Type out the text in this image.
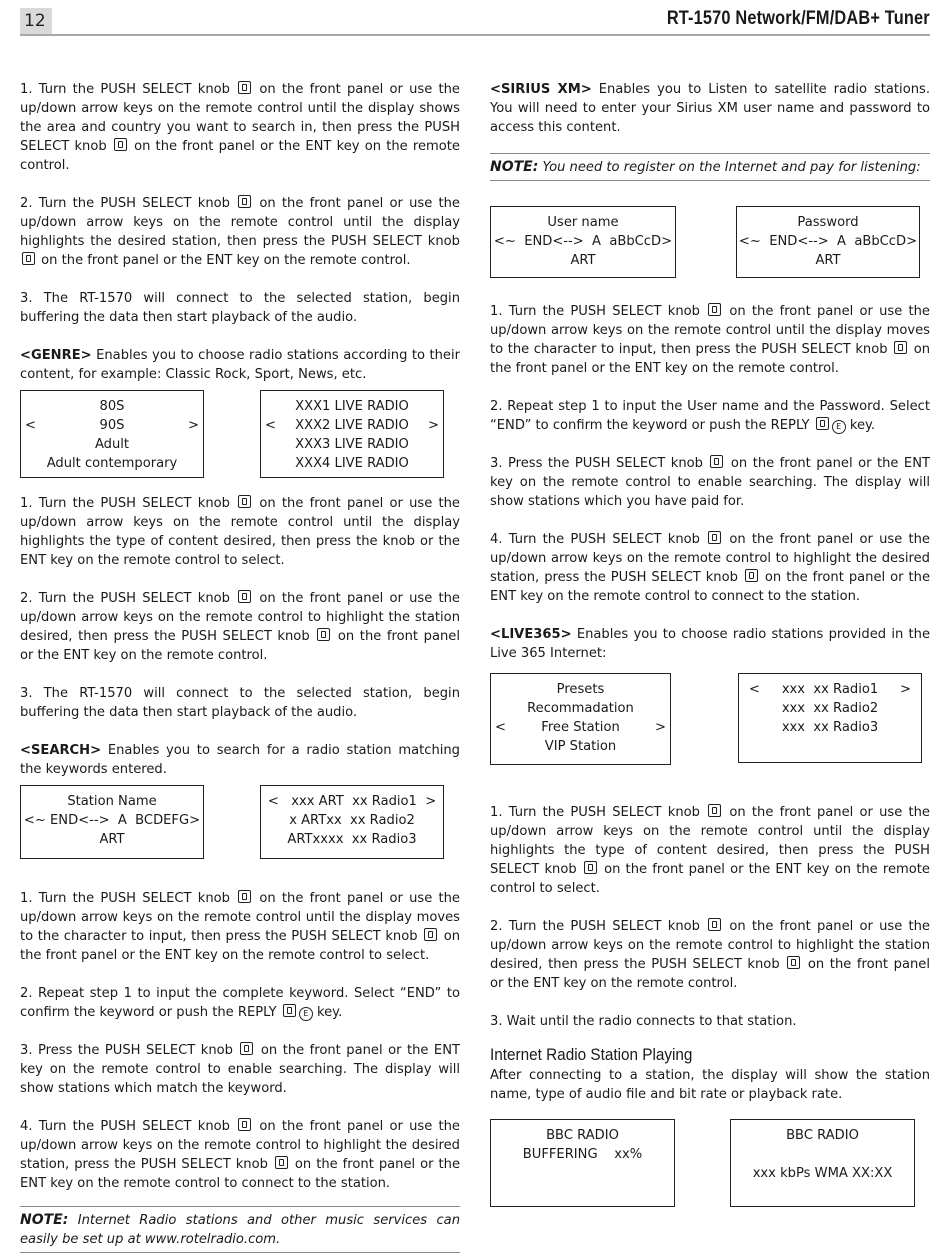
12	RT-1570 Network/FM/DAB+ Tuner

1. Turn the PUSH SELECT knob on the front panel or use the up/down arrow keys on the remote control until the display shows the area and country you want to search in, then press the PUSH SELECT knob on the front panel or the ENT key on the remote control.

2. Turn the PUSH SELECT knob on the front panel or use the up/down arrow keys on the remote control until the display highlights the desired station, then press the PUSH SELECT knob  on the front panel or the ENT key on the remote control.

3. The RT-1570 will connect to the selected station, begin buffering the data then start playback of the audio.

<GENRE> Enables you to choose radio stations according to their content, for example: Classic Rock, Sport, News, etc.

80S
<	90S	>
Adult
Adult contemporary
XXX1 LIVE RADIO
< XXX2 LIVE RADIO >
XXX3 LIVE RADIO
XXX4 LIVE RADIO

1. Turn the PUSH SELECT knob on the front panel or use the up/down arrow keys on the remote control until the display highlights the type of content desired, then press the knob or the ENT key on the remote control to select.

2. Turn the PUSH SELECT knob on the front panel or use the up/down arrow keys on the remote control to highlight the station desired, then press the PUSH SELECT knob on the front panel or the ENT key on the remote control.

3. The RT-1570 will connect to the selected station, begin buffering the data then start playback of the audio.

<SEARCH> Enables you to search for a radio station matching the keywords entered.

Station Name
<~ END<-->  A  BCDEFG>
ART
<   xxx ART  xx Radio1  >
x ARTxx  xx Radio2
ARTxxxx  xx Radio3

1. Turn the PUSH SELECT knob on the front panel or use the up/down arrow keys on the remote control until the display moves to the character to input, then press the PUSH SELECT knob on the front panel or the ENT key on the remote control to select.

2. Repeat step 1 to input the complete keyword. Select “END” to confirm the keyword or push the REPLY	E key.

3. Press the PUSH SELECT knob on the front panel or the ENT key on the remote control to enable searching. The display will show stations which match the keyword.

4. Turn the PUSH SELECT knob on the front panel or use the up/down arrow keys on the remote control to highlight the desired station, press the PUSH SELECT knob on the front panel or the ENT key on the remote control to connect to the station.

NOTE: Internet Radio stations and other music services can easily be set up at www.rotelradio.com.

<SIRIUS XM> Enables you to Listen to satellite radio stations. You will need to enter your Sirius XM user name and password to access this content.

NOTE: You need to register on the Internet and pay for listening:

User name
<~  END<-->  A  aBbCcD>
ART
Password
<~  END<-->  A  aBbCcD>
ART

1. Turn the PUSH SELECT knob on the front panel or use the up/down arrow keys on the remote control until the display moves to the character to input, then press the PUSH SELECT knob on the front panel or the ENT key on the remote control.

2. Repeat step 1 to input the User name and the Password. Select “END” to confirm the keyword or push the REPLY	E key.

3. Press the PUSH SELECT knob on the front panel or the ENT key on the remote control to enable searching. The display will show stations which you have paid for.

4. Turn the PUSH SELECT knob on the front panel or use the up/down arrow keys on the remote control to highlight the desired station, press the PUSH SELECT knob on the front panel or the ENT key on the remote control to connect to the station.

<LIVE365> Enables you to choose radio stations provided in the Live 365 Internet:

Presets
Recommadation
<	Free Station	>
VIP Station
< xxx  xx Radio1 >
xxx  xx Radio2
xxx  xx Radio3

1. Turn the PUSH SELECT knob on the front panel or use the up/down arrow keys on the remote control until the display highlights the type of content desired, then press the PUSH SELECT knob on the front panel or the ENT key on the remote control to select.

2. Turn the PUSH SELECT knob on the front panel or use the up/down arrow keys on the remote control to highlight the station desired, then press the PUSH SELECT knob on the front panel or the ENT key on the remote control.

3. Wait until the radio connects to that station.

Internet Radio Station Playing

After connecting to a station, the display will show the station name, type of audio file and bit rate or playback rate.

BBC RADIO
BUFFERING    xx%
BBC RADIO

xxx kbPs WMA XX:XX
